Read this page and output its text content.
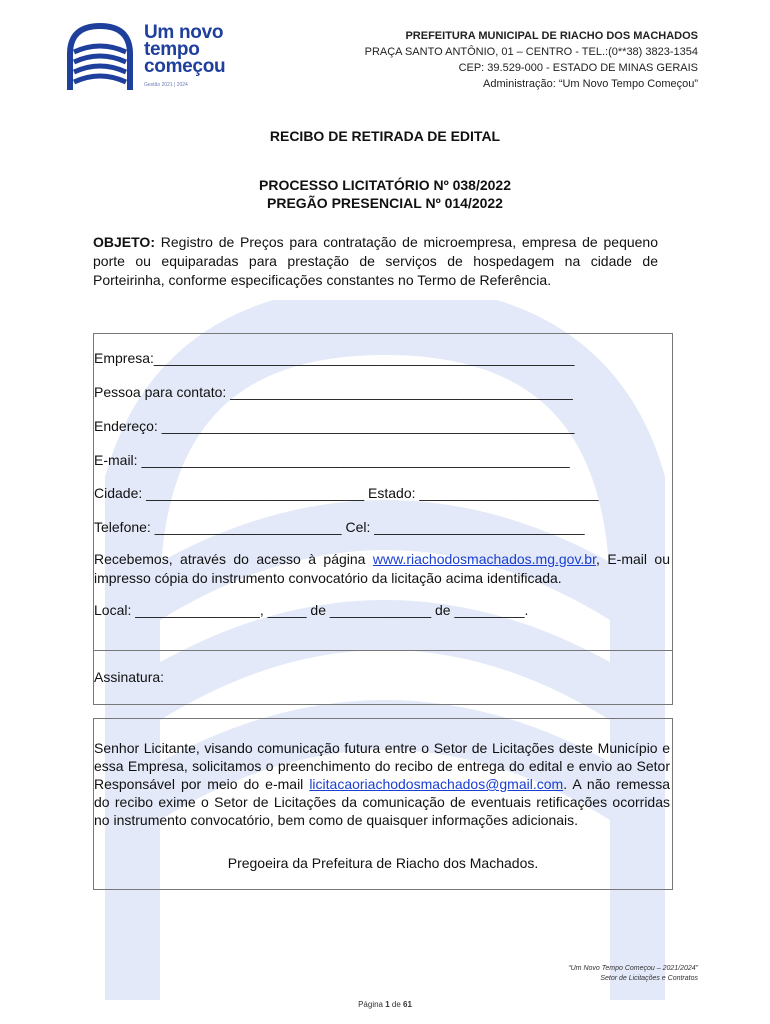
Um novo
tempo
começou
Gestão 2021 | 2024
PREFEITURA MUNICIPAL DE RIACHO DOS MACHADOS
PRAÇA SANTO ANTÔNIO, 01 – CENTRO - TEL.:(0**38) 3823-1354
CEP: 39.529-000 - ESTADO DE MINAS GERAIS
Administração: “Um Novo Tempo Começou”
RECIBO DE RETIRADA DE EDITAL
PROCESSO LICITATÓRIO Nº 038/2022
PREGÃO PRESENCIAL Nº 014/2022
OBJETO: Registro de Preços para contratação de microempresa, empresa de pequeno porte ou equiparadas para prestação de serviços de hospedagem na cidade de Porteirinha, conforme especificações constantes no Termo de Referência.
Empresa:______________________________________________________
Pessoa para contato: ____________________________________________
Endereço: _____________________________________________________
E-mail: _______________________________________________________
Cidade: ____________________________ Estado: _______________________
Telefone: ________________________ Cel: ___________________________
Recebemos, através do acesso à página www.riachodosmachados.mg.gov.br, E-mail ou impresso cópia do instrumento convocatório da licitação acima identificada.
Local: ________________, _____ de _____________ de _________.
Assinatura:
Senhor Licitante, visando comunicação futura entre o Setor de Licitações deste Município e essa Empresa, solicitamos o preenchimento do recibo de entrega do edital e envio ao Setor Responsável por meio do e-mail licitacaoriachodosmachados@gmail.com. A não remessa do recibo exime o Setor de Licitações da comunicação de eventuais retificações ocorridas no instrumento convocatório, bem como de quaisquer informações adicionais.
Pregoeira da Prefeitura de Riacho dos Machados.
“Um Novo Tempo Começou – 2021/2024”
Setor de Licitações e Contratos
Página 1 de 61
